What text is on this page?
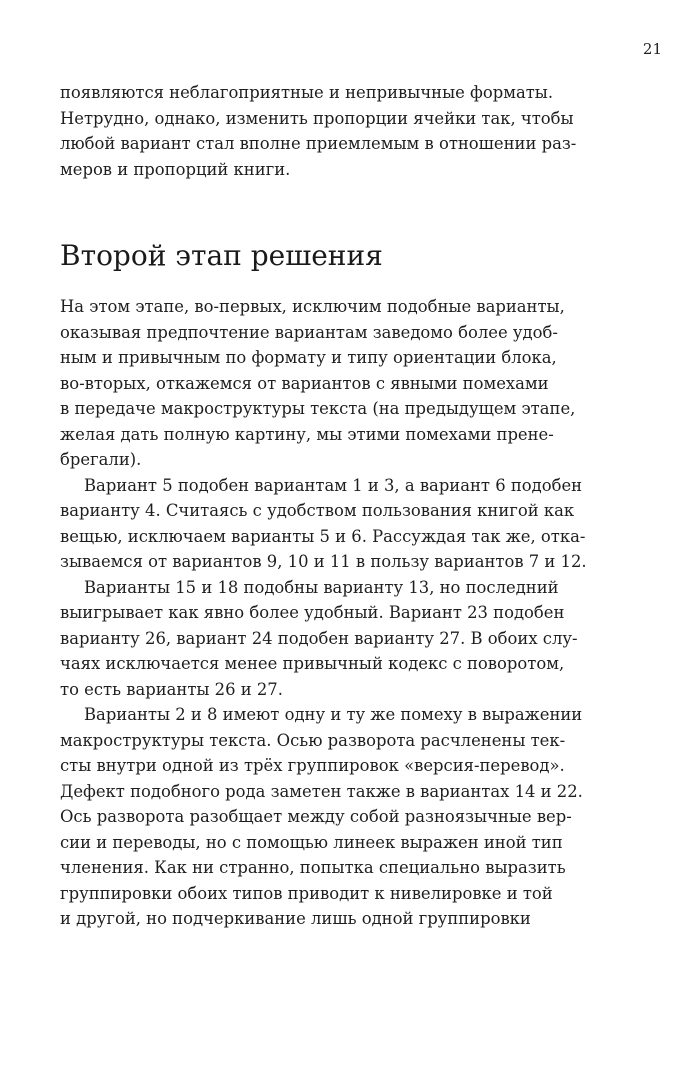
21

появляются неблагоприятные и непривычные форматы.
Нетрудно, однако, изменить пропорции ячейки так, чтобы
любой вариант стал вполне приемлемым в отношении раз-
меров и пропорций книги.

Второй этап решения

На этом этапе, во-первых, исключим подобные варианты,
оказывая предпочтение вариантам заведомо более удоб-
ным и привычным по формату и типу ориентации блока,
во-вторых, откажемся от вариантов с явными помехами
в передаче макроструктуры текста (на предыдущем этапе,
желая дать полную картину, мы этими помехами прене-
брегали).

Вариант 5 подобен вариантам 1 и 3, а вариант 6 подобен
варианту 4. Считаясь с удобством пользования книгой как
вещью, исключаем варианты 5 и 6. Рассуждая так же, отка-
зываемся от вариантов 9, 10 и 11 в пользу вариантов 7 и 12.

Варианты 15 и 18 подобны варианту 13, но последний
выигрывает как явно более удобный. Вариант 23 подобен
варианту 26, вариант 24 подобен варианту 27. В обоих слу-
чаях исключается менее привычный кодекс с поворотом,
то есть варианты 26 и 27.

Варианты 2 и 8 имеют одну и ту же помеху в выражении
макроструктуры текста. Осью разворота расчленены тек-
сты внутри одной из трёх группировок «версия-перевод».
Дефект подобного рода заметен также в вариантах 14 и 22.
Ось разворота разобщает между собой разноязычные вер-
сии и переводы, но с помощью линеек выражен иной тип
членения. Как ни странно, попытка специально выразить
группировки обоих типов приводит к нивелировке и той
и другой, но подчеркивание лишь одной группировки
